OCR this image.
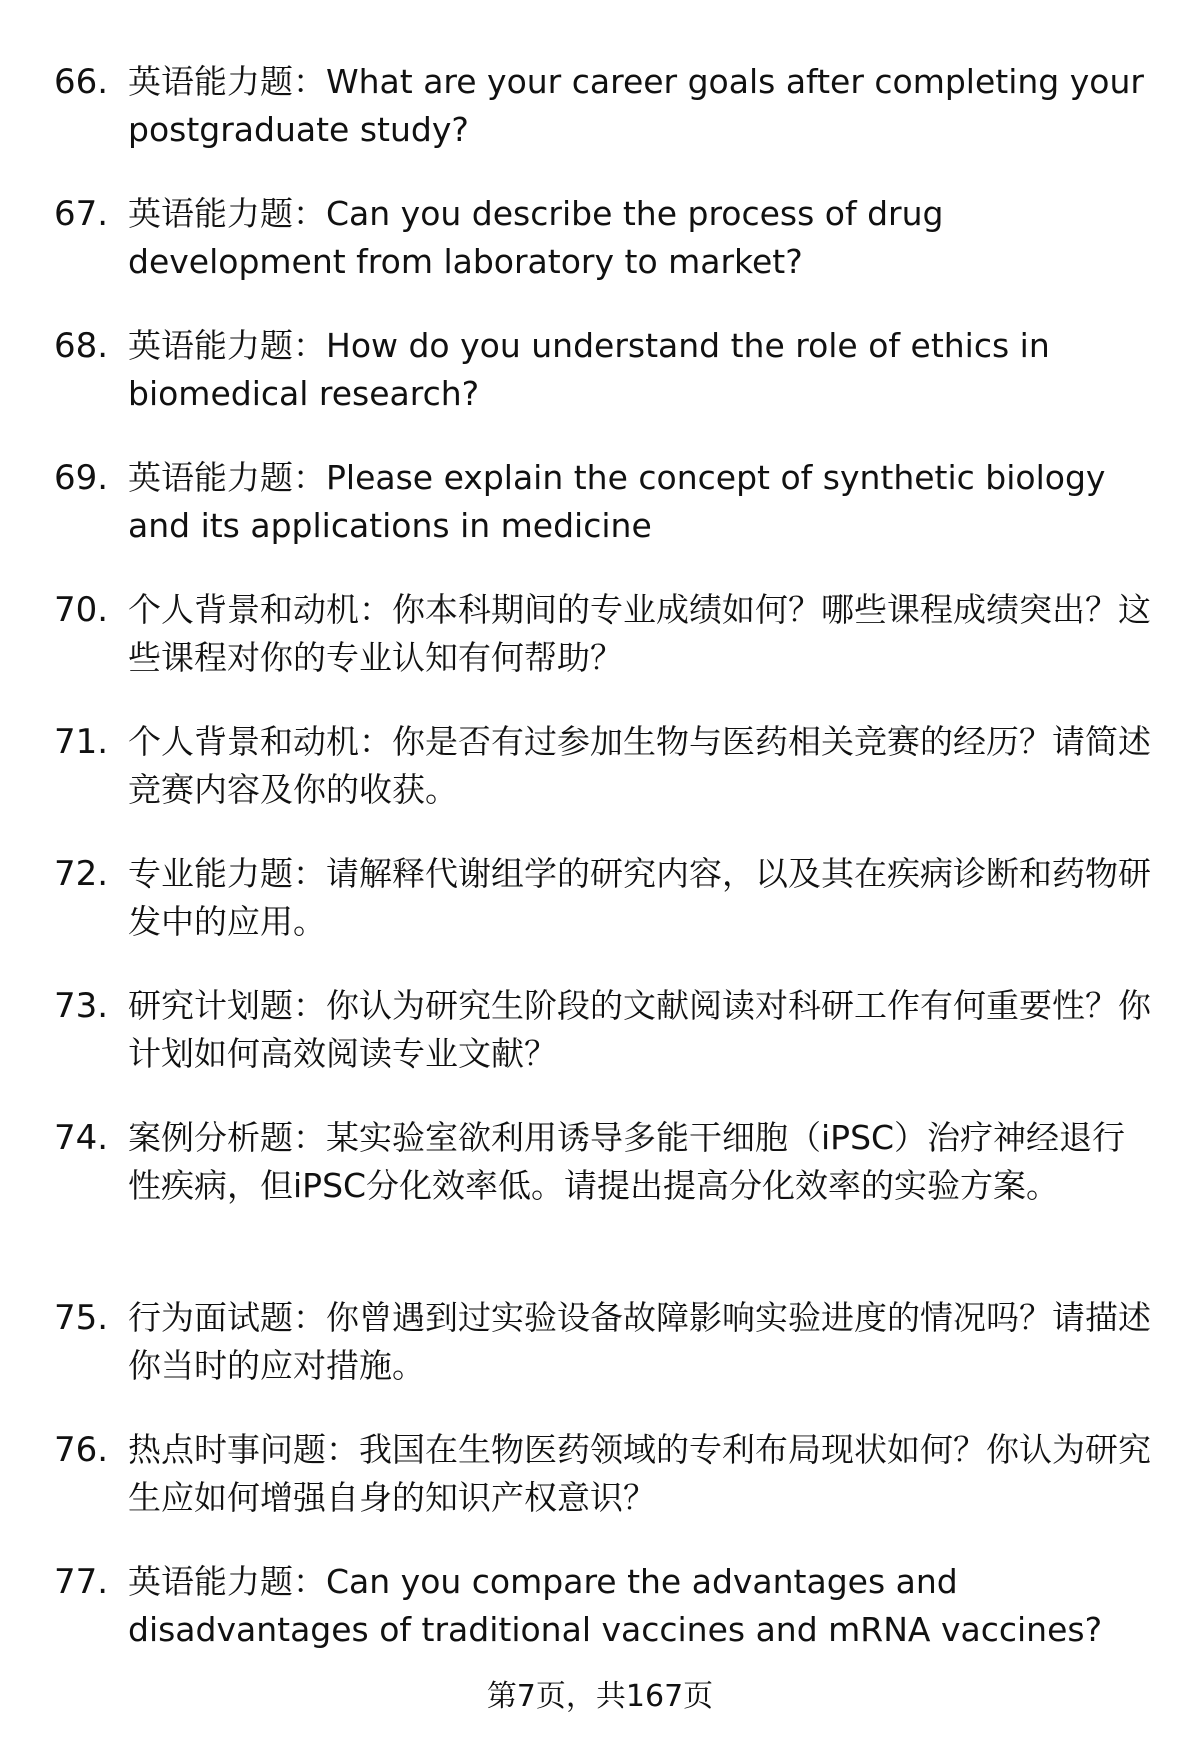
66. 英语能力题：What are your career goals after completing your postgraduate study?
67. 英语能力题：Can you describe the process of drug development from laboratory to market?
68. 英语能力题：How do you understand the role of ethics in biomedical research?
69. 英语能力题：Please explain the concept of synthetic biology and its applications in medicine
70. 个人背景和动机：你本科期间的专业成绩如何？哪些课程成绩突出？这些课程对你的专业认知有何帮助？
71. 个人背景和动机：你是否有过参加生物与医药相关竞赛的经历？请简述竞赛内容及你的收获。
72. 专业能力题：请解释代谢组学的研究内容，以及其在疾病诊断和药物研发中的应用。
73. 研究计划题：你认为研究生阶段的文献阅读对科研工作有何重要性？你计划如何高效阅读专业文献？
74. 案例分析题：某实验室欲利用诱导多能干细胞（iPSC）治疗神经退行性疾病，但iPSC分化效率低。请提出提高分化效率的实验方案。
75. 行为面试题：你曾遇到过实验设备故障影响实验进度的情况吗？请描述你当时的应对措施。
76. 热点时事问题：我国在生物医药领域的专利布局现状如何？你认为研究生应如何增强自身的知识产权意识？
77. 英语能力题：Can you compare the advantages and disadvantages of traditional vaccines and mRNA vaccines?
第7页，共167页
